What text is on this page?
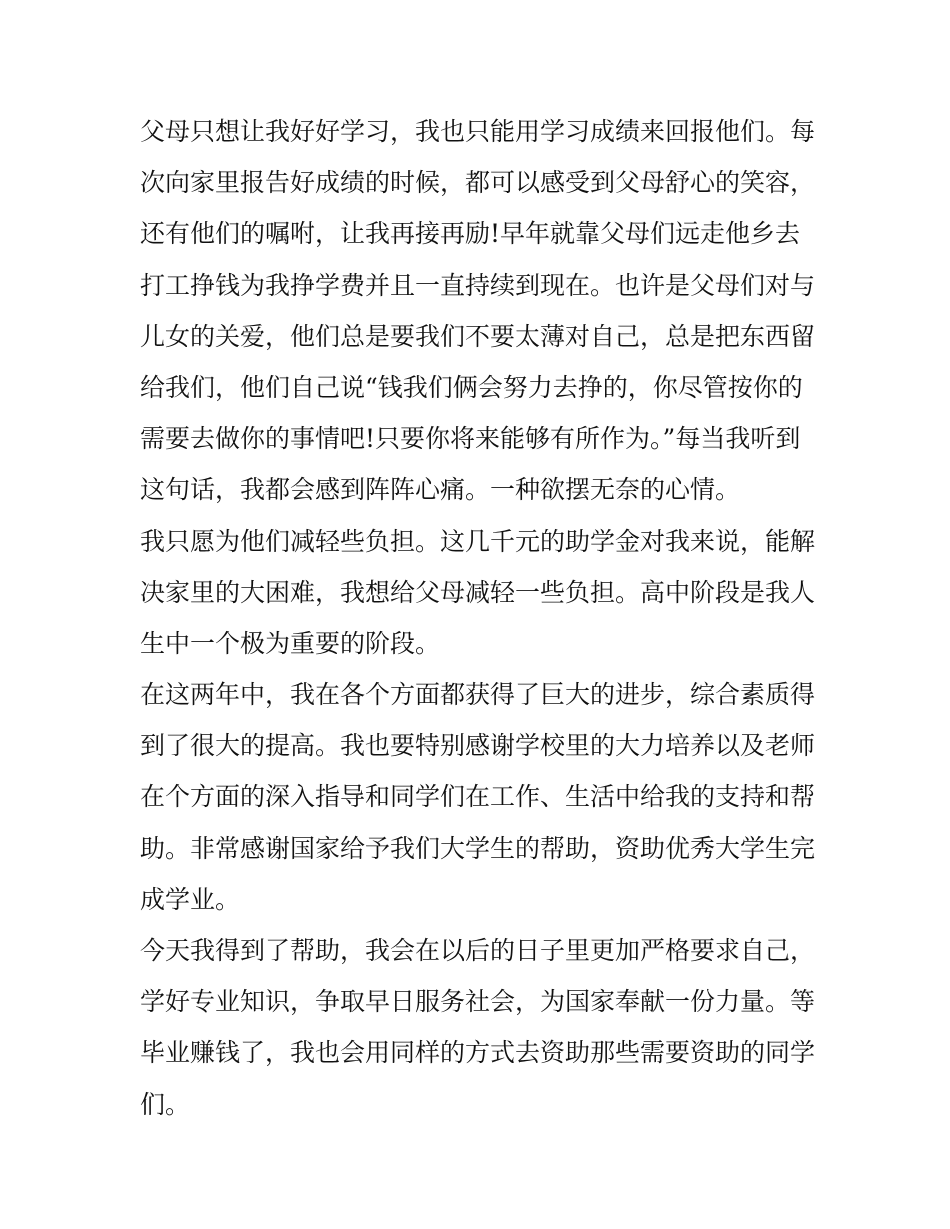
父母只想让我好好学习，我也只能用学习成绩来回报他们。每
次向家里报告好成绩的时候，都可以感受到父母舒心的笑容，
还有他们的嘱咐，让我再接再励!早年就靠父母们远走他乡去
打工挣钱为我挣学费并且一直持续到现在。也许是父母们对与
儿女的关爱，他们总是要我们不要太薄对自己，总是把东西留
给我们，他们自己说“钱我们俩会努力去挣的，你尽管按你的
需要去做你的事情吧!只要你将来能够有所作为。”每当我听到
这句话，我都会感到阵阵心痛。一种欲摆无奈的心情。
我只愿为他们减轻些负担。这几千元的助学金对我来说，能解
决家里的大困难，我想给父母减轻一些负担。高中阶段是我人
生中一个极为重要的阶段。
在这两年中，我在各个方面都获得了巨大的进步，综合素质得
到了很大的提高。我也要特别感谢学校里的大力培养以及老师
在个方面的深入指导和同学们在工作、生活中给我的支持和帮
助。非常感谢国家给予我们大学生的帮助，资助优秀大学生完
成学业。
今天我得到了帮助，我会在以后的日子里更加严格要求自己，
学好专业知识，争取早日服务社会，为国家奉献一份力量。等
毕业赚钱了，我也会用同样的方式去资助那些需要资助的同学
们。
